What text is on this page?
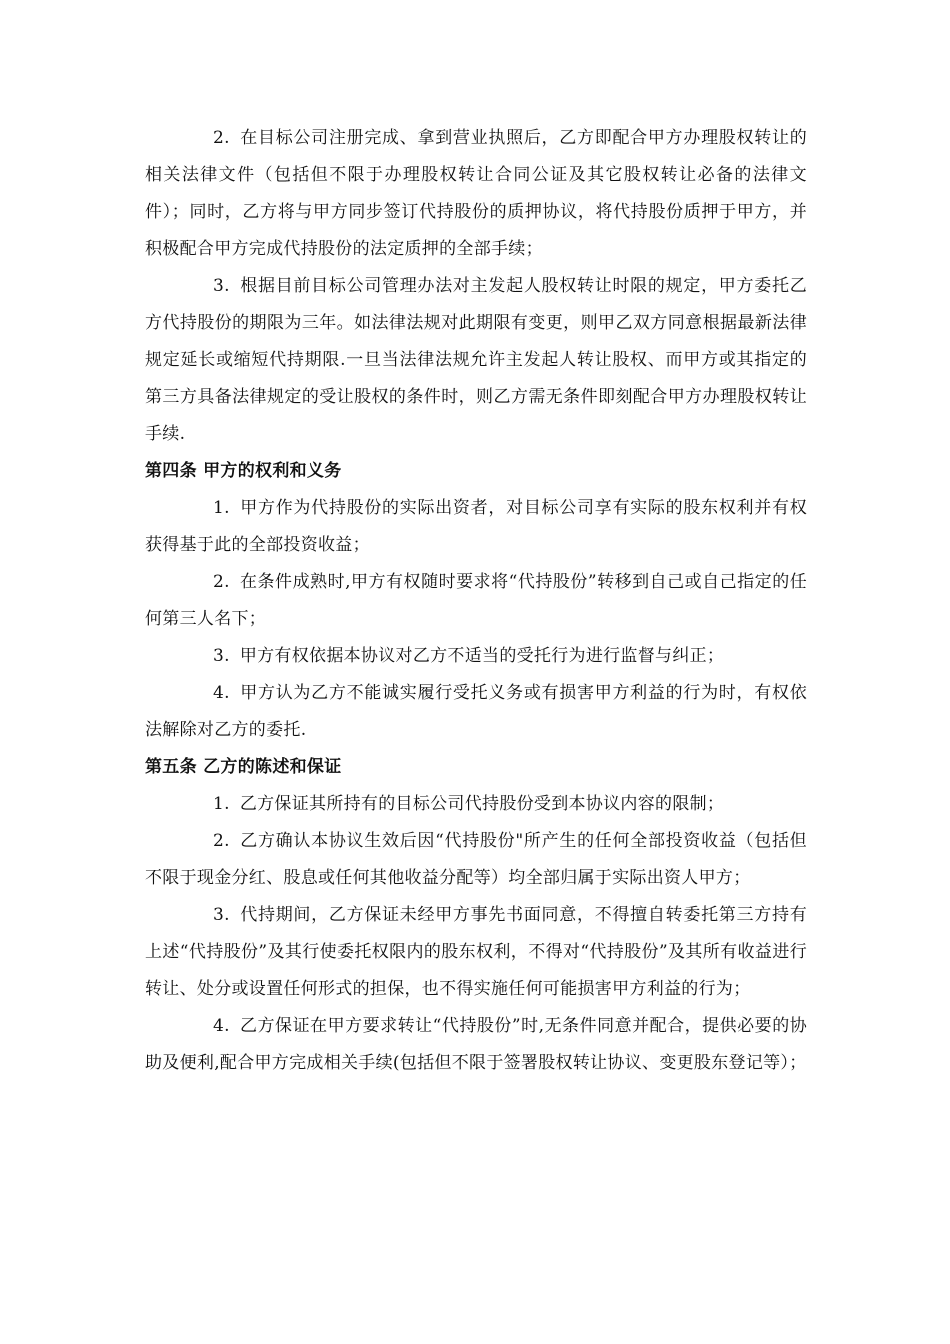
2. 在目标公司注册完成、拿到营业执照后，乙方即配合甲方办理股权转让的相关法律文件（包括但不限于办理股权转让合同公证及其它股权转让必备的法律文件）；同时，乙方将与甲方同步签订代持股份的质押协议，将代持股份质押于甲方，并积极配合甲方完成代持股份的法定质押的全部手续；

3. 根据目前目标公司管理办法对主发起人股权转让时限的规定，甲方委托乙方代持股份的期限为三年。如法律法规对此期限有变更，则甲乙双方同意根据最新法律规定延长或缩短代持期限.一旦当法律法规允许主发起人转让股权、而甲方或其指定的第三方具备法律规定的受让股权的条件时，则乙方需无条件即刻配合甲方办理股权转让手续.

第四条 甲方的权利和义务

1. 甲方作为代持股份的实际出资者，对目标公司享有实际的股东权利并有权获得基于此的全部投资收益；

2. 在条件成熟时,甲方有权随时要求将“代持股份”转移到自己或自己指定的任何第三人名下；

3. 甲方有权依据本协议对乙方不适当的受托行为进行监督与纠正；

4. 甲方认为乙方不能诚实履行受托义务或有损害甲方利益的行为时，有权依法解除对乙方的委托.

第五条 乙方的陈述和保证

1. 乙方保证其所持有的目标公司代持股份受到本协议内容的限制；

2. 乙方确认本协议生效后因“代持股份"所产生的任何全部投资收益（包括但不限于现金分红、股息或任何其他收益分配等）均全部归属于实际出资人甲方；

3. 代持期间，乙方保证未经甲方事先书面同意，不得擅自转委托第三方持有上述“代持股份”及其行使委托权限内的股东权利，不得对“代持股份”及其所有收益进行转让、处分或设置任何形式的担保，也不得实施任何可能损害甲方利益的行为；

4. 乙方保证在甲方要求转让“代持股份”时,无条件同意并配合，提供必要的协助及便利,配合甲方完成相关手续(包括但不限于签署股权转让协议、变更股东登记等）；
